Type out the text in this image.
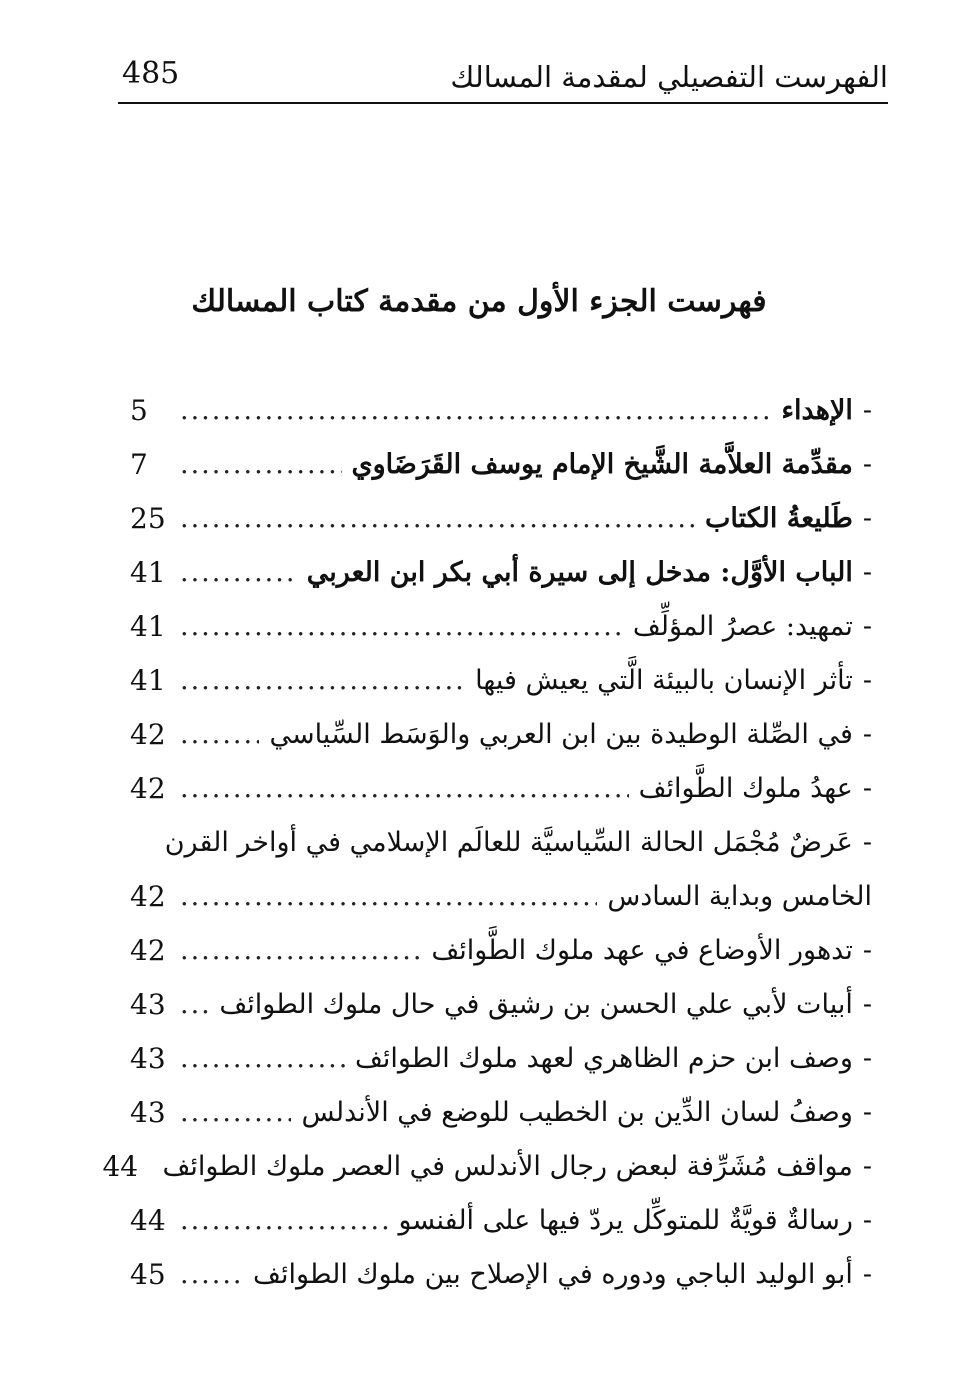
الفهرست التفصيلي لمقدمة المسالك
485
فهرست الجزء الأول من مقدمة كتاب المسالك
-
الإهداء
.....
5
-
مقدِّمة العلاَّمة الشَّيخ الإمام يوسف القَرَضَاوي
.....
7
-
طَليعةُ الكتاب
.....
25
-
الباب الأوَّل: مدخل إلى سيرة أبي بكر ابن العربي
.....
41
-
تمهيد: عصرُ المؤلِّف
.....
41
-
تأثر الإنسان بالبيئة الَّتي يعيش فيها
.....
41
-
في الصِّلة الوطيدة بين ابن العربي والوَسَط السِّياسي
.....
42
-
عهدُ ملوك الطَّوائف
.....
42
-
عَرضٌ مُجْمَل الحالة السِّياسيَّة للعالَم الإسلامي في أواخر القرن
الخامس وبداية السادس
.....
42
-
تدهور الأوضاع في عهد ملوك الطَّوائف
.....
42
-
أبيات لأبي علي الحسن بن رشيق في حال ملوك الطوائف
.....
43
-
وصف ابن حزم الظاهري لعهد ملوك الطوائف
.....
43
-
وصفُ لسان الدِّين بن الخطيب للوضع في الأندلس
.....
43
-
مواقف مُشَرِّفة لبعض رجال الأندلس في العصر ملوك الطوائف
44
-
رسالةٌ قويَّةٌ للمتوكِّل يردّ فيها على ألفنسو
.....
44
-
أبو الوليد الباجي ودوره في الإصلاح بين ملوك الطوائف
.....
45
